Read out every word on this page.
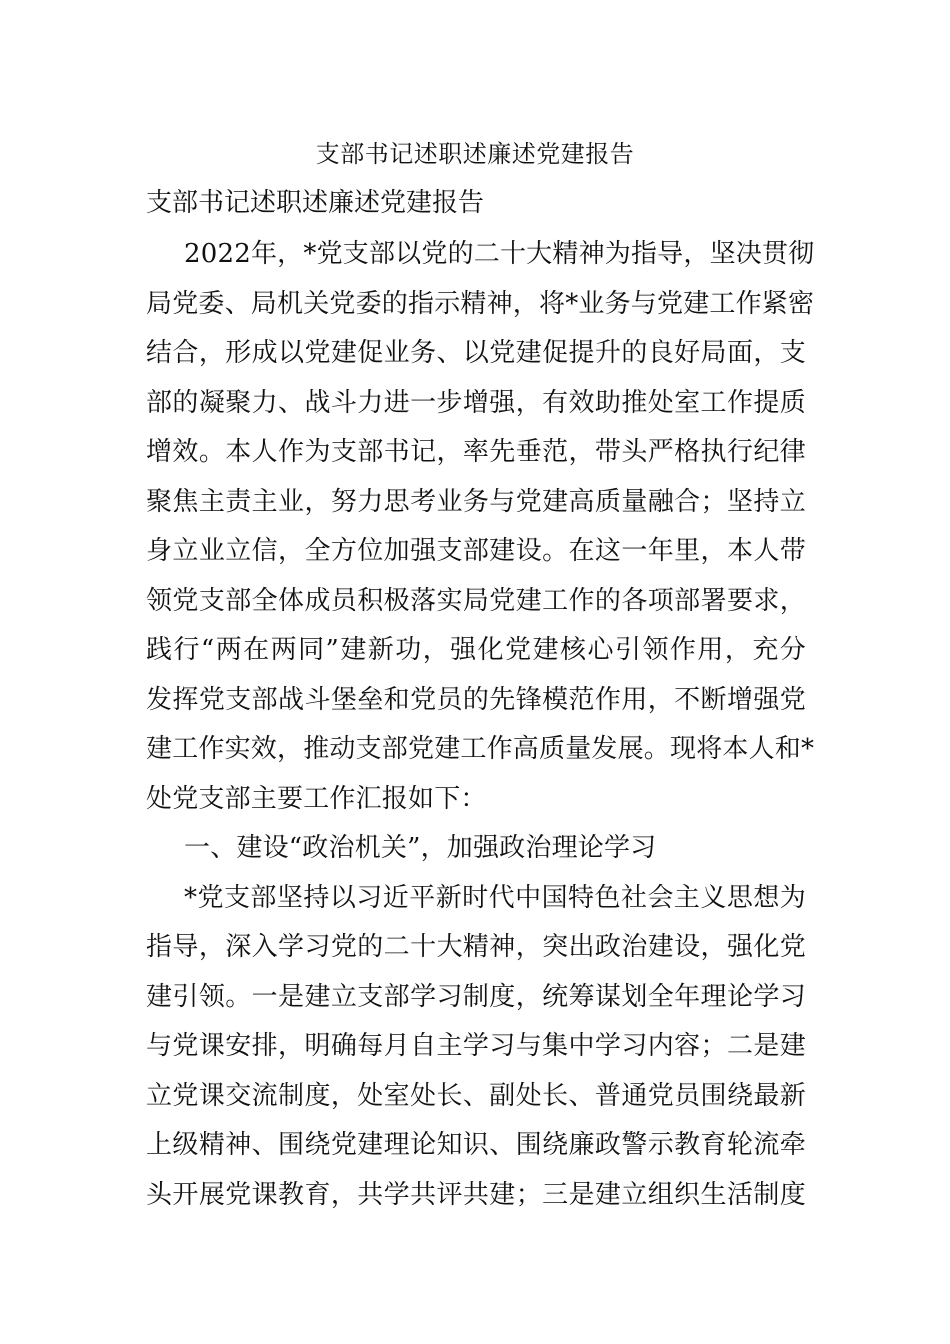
支部书记述职述廉述党建报告
支部书记述职述廉述党建报告
2022年，*党支部以党的二十大精神为指导，坚决贯彻
局党委、局机关党委的指示精神，将*业务与党建工作紧密
结合，形成以党建促业务、以党建促提升的良好局面，支
部的凝聚力、战斗力进一步增强，有效助推处室工作提质
增效。本人作为支部书记，率先垂范，带头严格执行纪律
聚焦主责主业，努力思考业务与党建高质量融合；坚持立
身立业立信，全方位加强支部建设。在这一年里，本人带
领党支部全体成员积极落实局党建工作的各项部署要求，
践行“两在两同”建新功，强化党建核心引领作用，充分
发挥党支部战斗堡垒和党员的先锋模范作用，不断增强党
建工作实效，推动支部党建工作高质量发展。现将本人和*
处党支部主要工作汇报如下：
一、建设“政治机关”，加强政治理论学习
*党支部坚持以习近平新时代中国特色社会主义思想为
指导，深入学习党的二十大精神，突出政治建设，强化党
建引领。一是建立支部学习制度，统筹谋划全年理论学习
与党课安排，明确每月自主学习与集中学习内容；二是建
立党课交流制度，处室处长、副处长、普通党员围绕最新
上级精神、围绕党建理论知识、围绕廉政警示教育轮流牵
头开展党课教育，共学共评共建；三是建立组织生活制度
